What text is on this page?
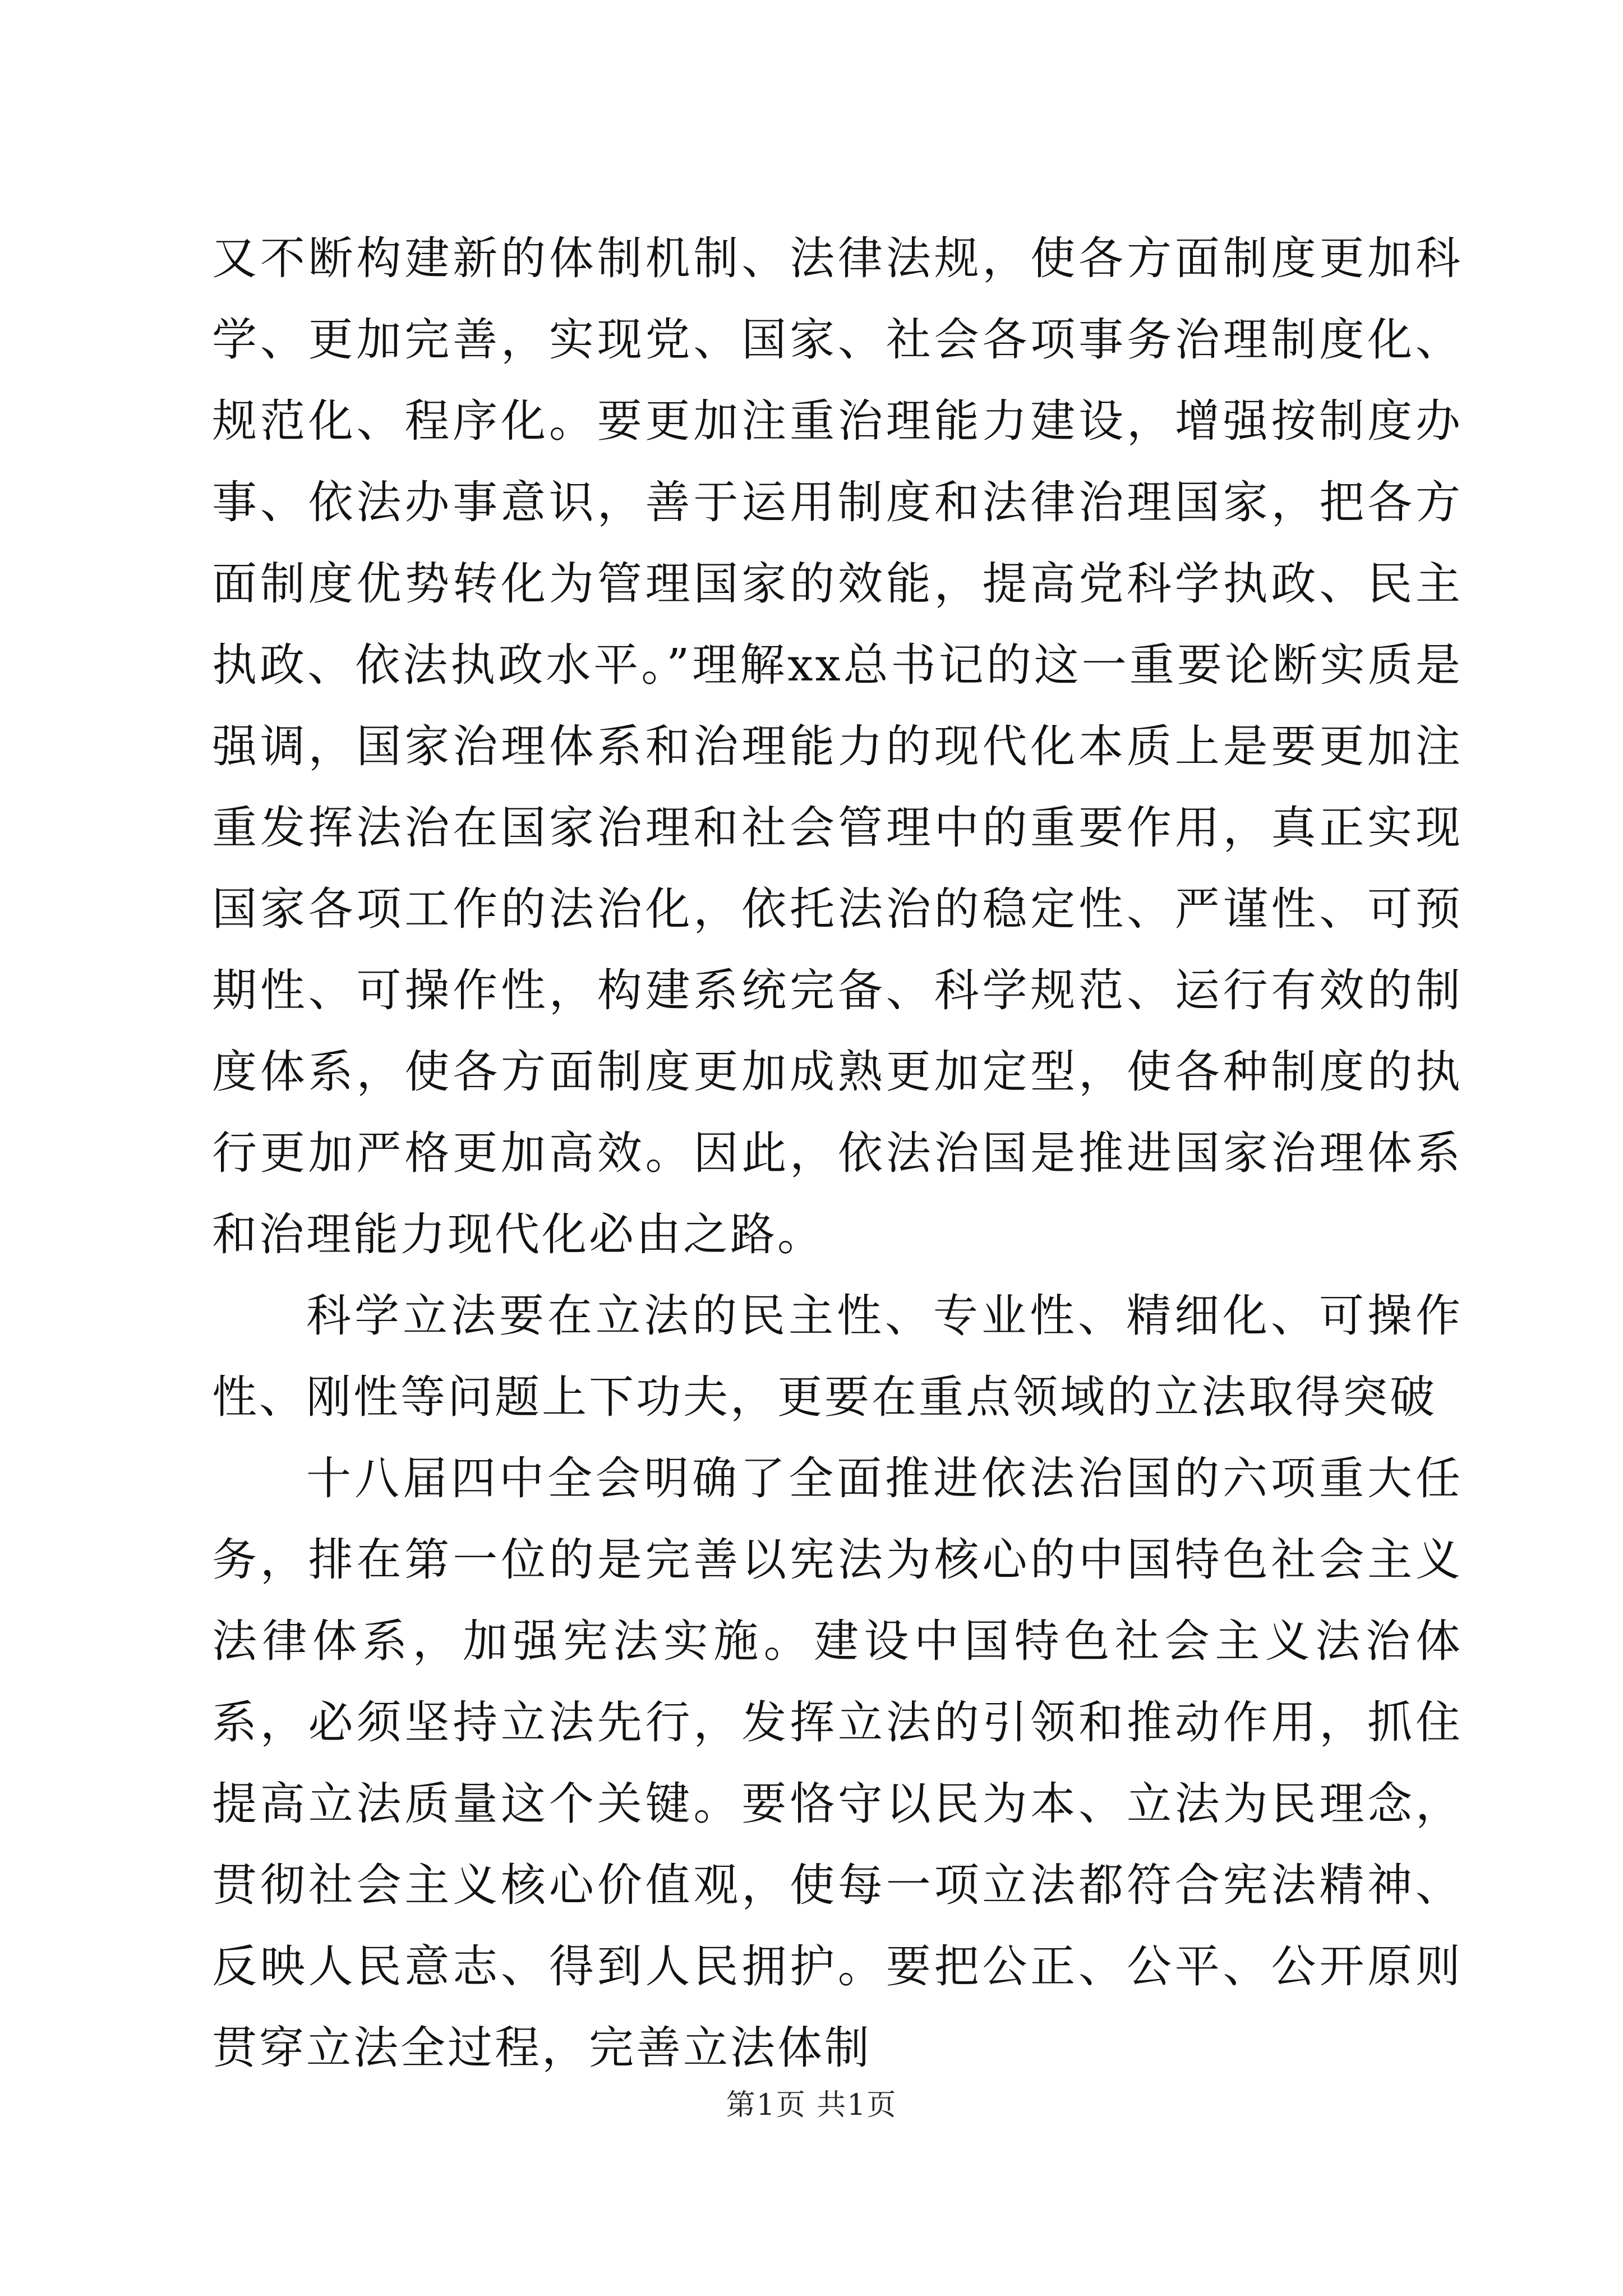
又不断构建新的体制机制、法律法规，使各方面制度更加科学、更加完善，实现党、国家、社会各项事务治理制度化、规范化、程序化。要更加注重治理能力建设，增强按制度办事、依法办事意识，善于运用制度和法律治理国家，把各方面制度优势转化为管理国家的效能，提高党科学执政、民主执政、依法执政水平。”理解xx总书记的这一重要论断实质是强调，国家治理体系和治理能力的现代化本质上是要更加注重发挥法治在国家治理和社会管理中的重要作用，真正实现国家各项工作的法治化，依托法治的稳定性、严谨性、可预期性、可操作性，构建系统完备、科学规范、运行有效的制度体系，使各方面制度更加成熟更加定型，使各种制度的执行更加严格更加高效。因此，依法治国是推进国家治理体系和治理能力现代化必由之路。

科学立法要在立法的民主性、专业性、精细化、可操作性、刚性等问题上下功夫，更要在重点领域的立法取得突破

十八届四中全会明确了全面推进依法治国的六项重大任务，排在第一位的是完善以宪法为核心的中国特色社会主义法律体系，加强宪法实施。建设中国特色社会主义法治体系，必须坚持立法先行，发挥立法的引领和推动作用，抓住提高立法质量这个关键。要恪守以民为本、立法为民理念，贯彻社会主义核心价值观，使每一项立法都符合宪法精神、反映人民意志、得到人民拥护。要把公正、公平、公开原则贯穿立法全过程，完善立法体制

第1页 共1页
